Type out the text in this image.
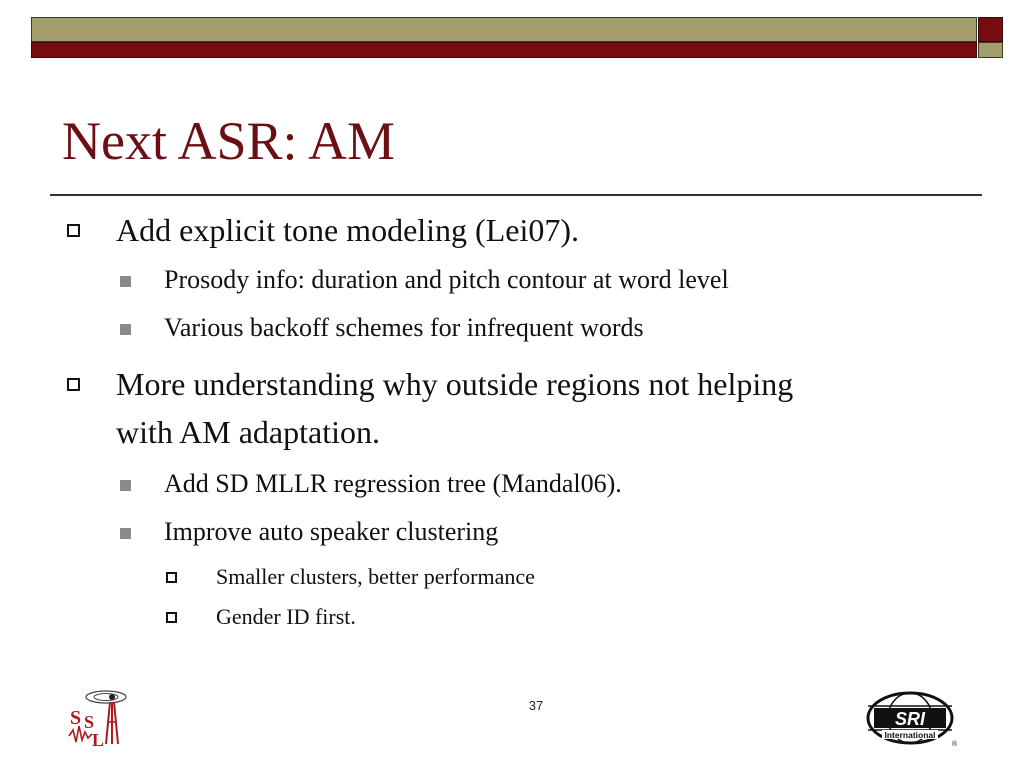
Next ASR: AM
Add explicit tone modeling (Lei07).
Prosody info: duration and pitch contour at word level
Various backoff schemes for infrequent words
More understanding why outside regions not helping
with AM adaptation.
Add SD MLLR regression tree (Mandal06).
Improve auto speaker clustering
Smaller clusters, better performance
Gender ID first.
37
S S
L
SRI
International
®
